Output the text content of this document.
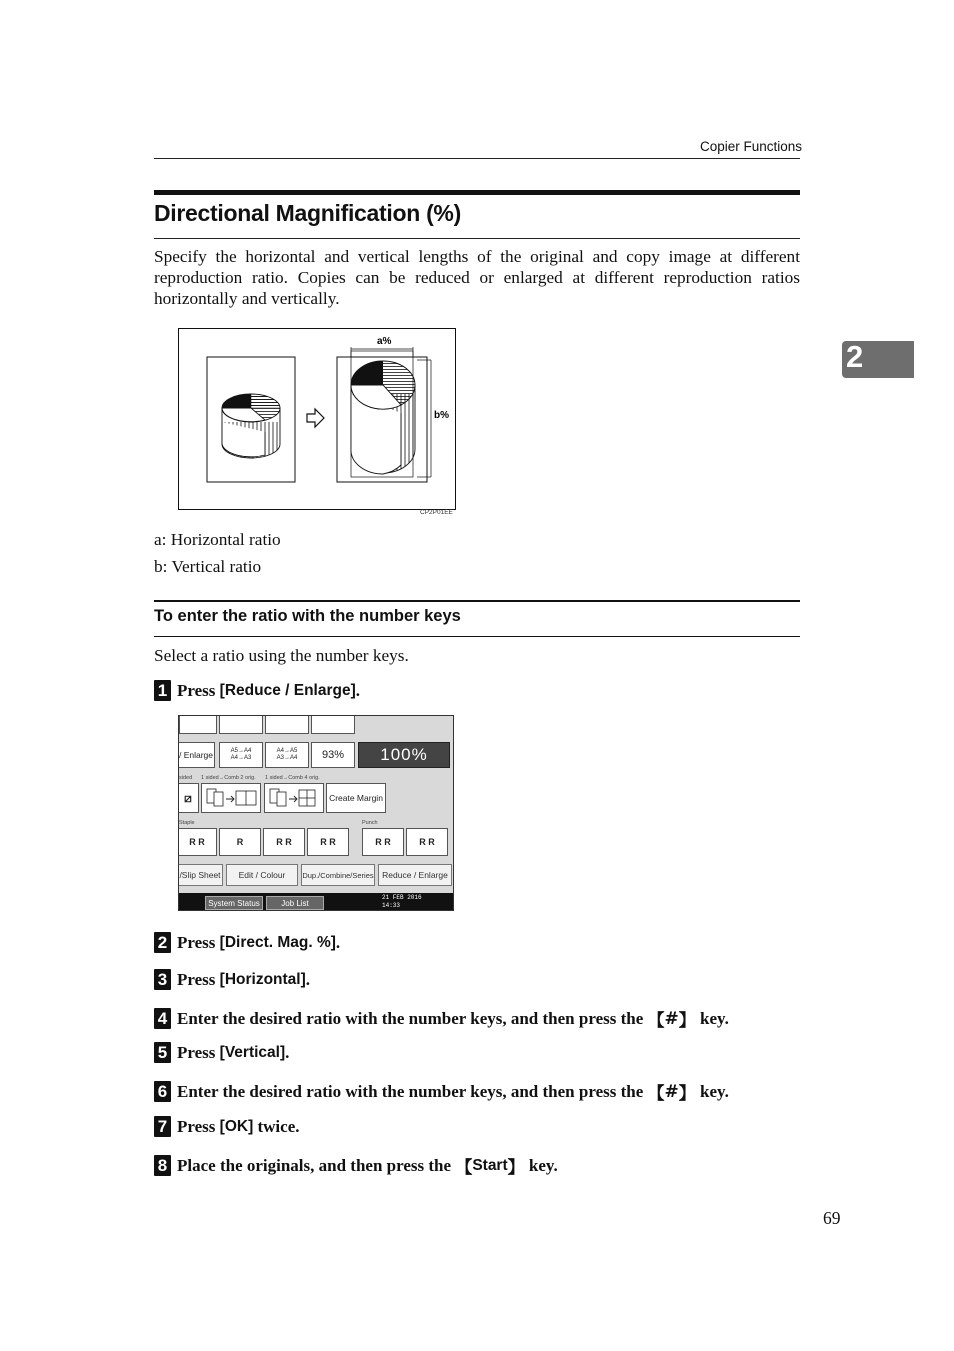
Copier Functions
2
Directional Magnification (%)
Specify the horizontal and vertical lengths of the original and copy image at different reproduction ratio. Copies can be reduced or enlarged at different reproduction ratios horizontally and vertically.
a%
b%
CP2P01EE
a: Horizontal ratio
b: Vertical ratio
To enter the ratio with the number keys
Select a ratio using the number keys.
1 Press [Reduce / Enlarge] .
/ Enlarge	A5→A4
A4→A3
A4→A5
A3→A4	93%	100%
sided 1 sided→Comb 2 orig. 1 sided→Comb 4 orig.
⧄	Create Margin
Staple	Punch
R R	R	R R	R R	R R	R R
/Slip Sheet	Edit / Colour	Dup./Combine/Series	Reduce / Enlarge
System Status	Job List
21 FEB 2016
14:33
2 Press [Direct. Mag. %] .
3 Press [Horizontal] .
4 Enter the desired ratio with the number keys, and then press the 【 # 】 key.
5 Press [Vertical] .
6 Enter the desired ratio with the number keys, and then press the 【 # 】 key.
7 Press [OK] twice.
8 Place the originals, and then press the 【 Start 】 key.
69
